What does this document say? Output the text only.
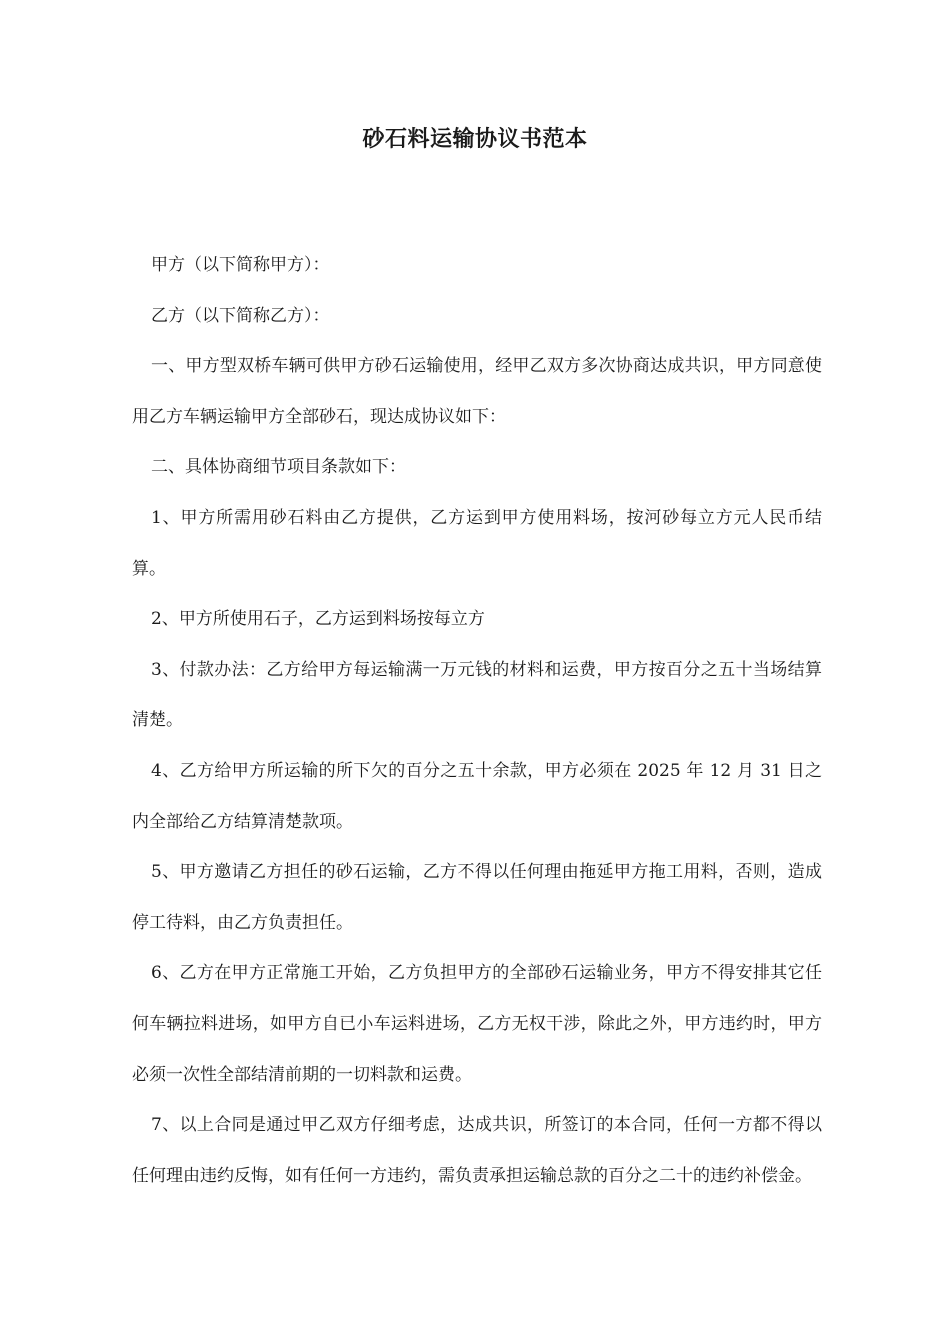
砂石料运输协议书范本

甲方（以下简称甲方）：

乙方（以下简称乙方）：

一、甲方型双桥车辆可供甲方砂石运输使用，经甲乙双方多次协商达成共识，甲方同意使用乙方车辆运输甲方全部砂石，现达成协议如下：

二、具体协商细节项目条款如下：

1、甲方所需用砂石料由乙方提供，乙方运到甲方使用料场，按河砂每立方元人民币结算。

2、甲方所使用石子，乙方运到料场按每立方

3、付款办法：乙方给甲方每运输满一万元钱的材料和运费，甲方按百分之五十当场结算清楚。

4、乙方给甲方所运输的所下欠的百分之五十余款，甲方必须在 2025 年 12 月 31 日之内全部给乙方结算清楚款项。

5、甲方邀请乙方担任的砂石运输，乙方不得以任何理由拖延甲方拖工用料，否则，造成停工待料，由乙方负责担任。

6、乙方在甲方正常施工开始，乙方负担甲方的全部砂石运输业务，甲方不得安排其它任何车辆拉料进场，如甲方自已小车运料进场，乙方无权干涉，除此之外，甲方违约时，甲方必须一次性全部结清前期的一切料款和运费。

7、以上合同是通过甲乙双方仔细考虑，达成共识，所签订的本合同，任何一方都不得以任何理由违约反悔，如有任何一方违约，需负责承担运输总款的百分之二十的违约补偿金。
